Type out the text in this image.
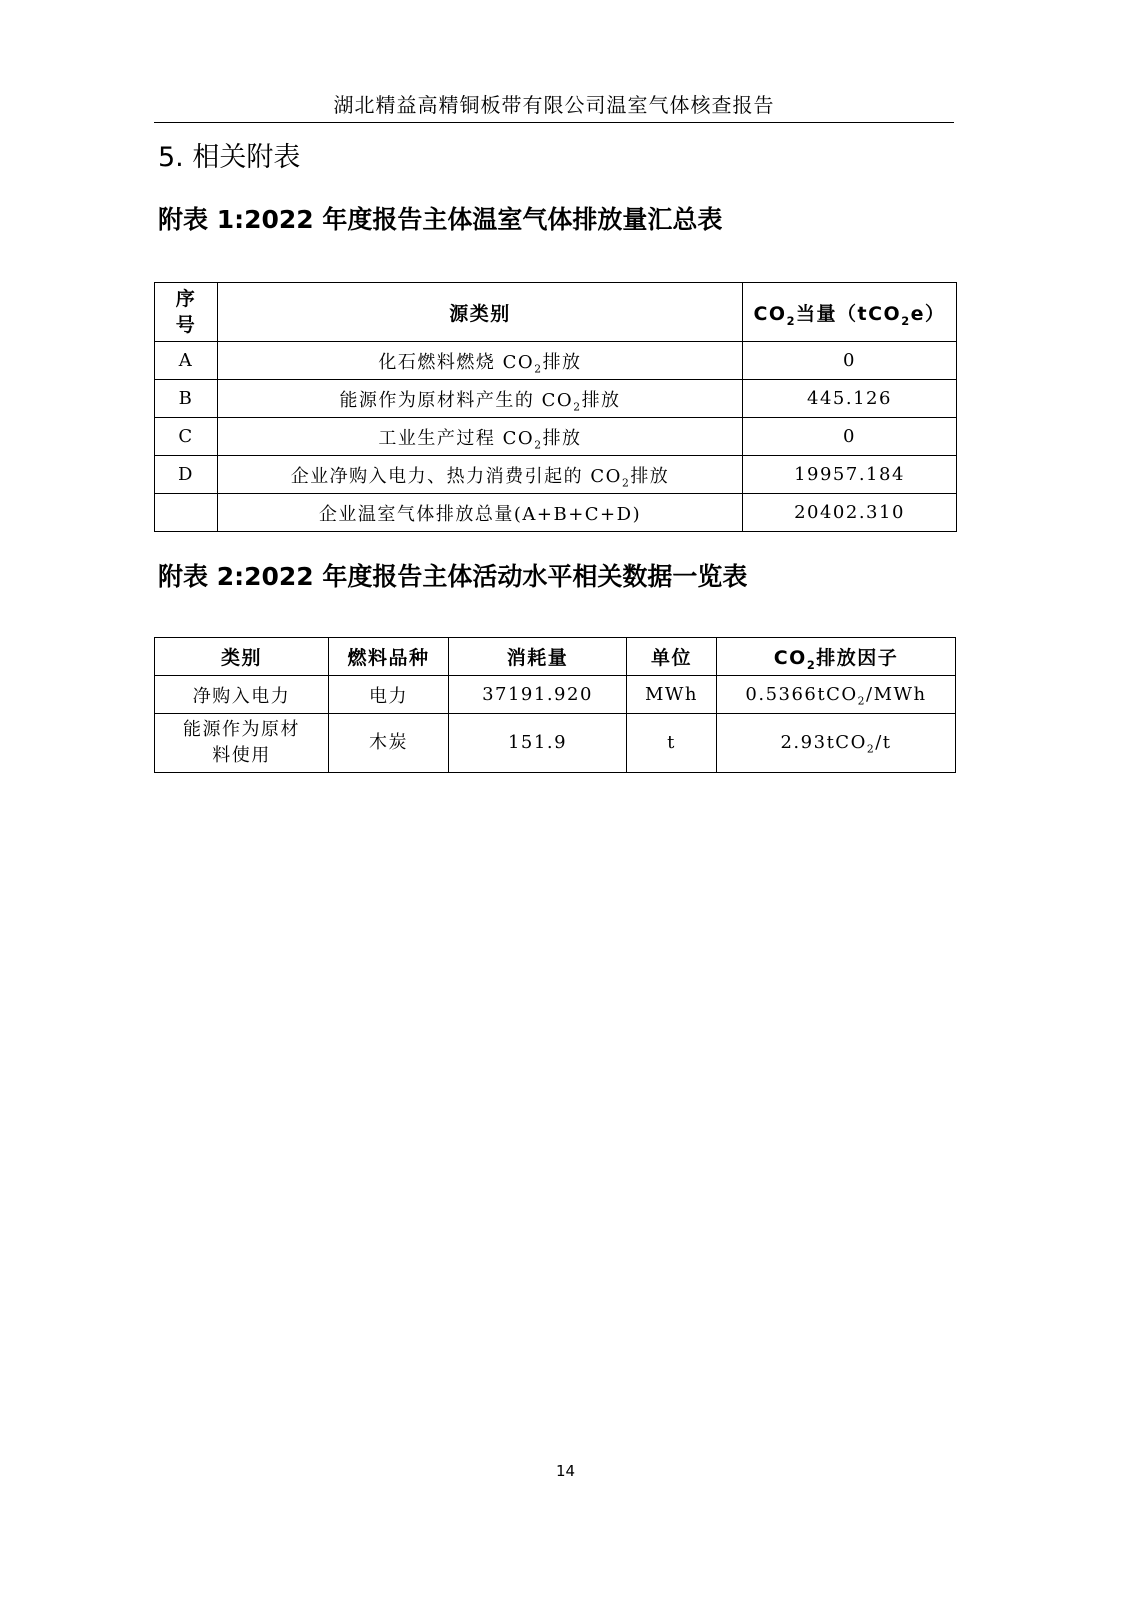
湖北精益高精铜板带有限公司温室气体核查报告
5. 相关附表
附表 1:2022 年度报告主体温室气体排放量汇总表
序号	源类别	$CO_2$当量（tCO$_2$e）
A	化石燃料燃烧 $CO_2$排放	0
B	能源作为原材料产生的 $CO_2$排放	445.126
C	工业生产过程 $CO_2$排放	0
D	企业净购入电力、热力消费引起的 $CO_2$排放	19957.184
	企业温室气体排放总量(A+B+C+D)	20402.310
附表 2:2022 年度报告主体活动水平相关数据一览表
类别	燃料品种	消耗量	单位	$CO_2$排放因子
净购入电力	电力	37191.920	MWh	0.5366tCO$_2$/MWh
能源作为原材料使用	木炭	151.9	t	2.93tCO$_2$/t
14
